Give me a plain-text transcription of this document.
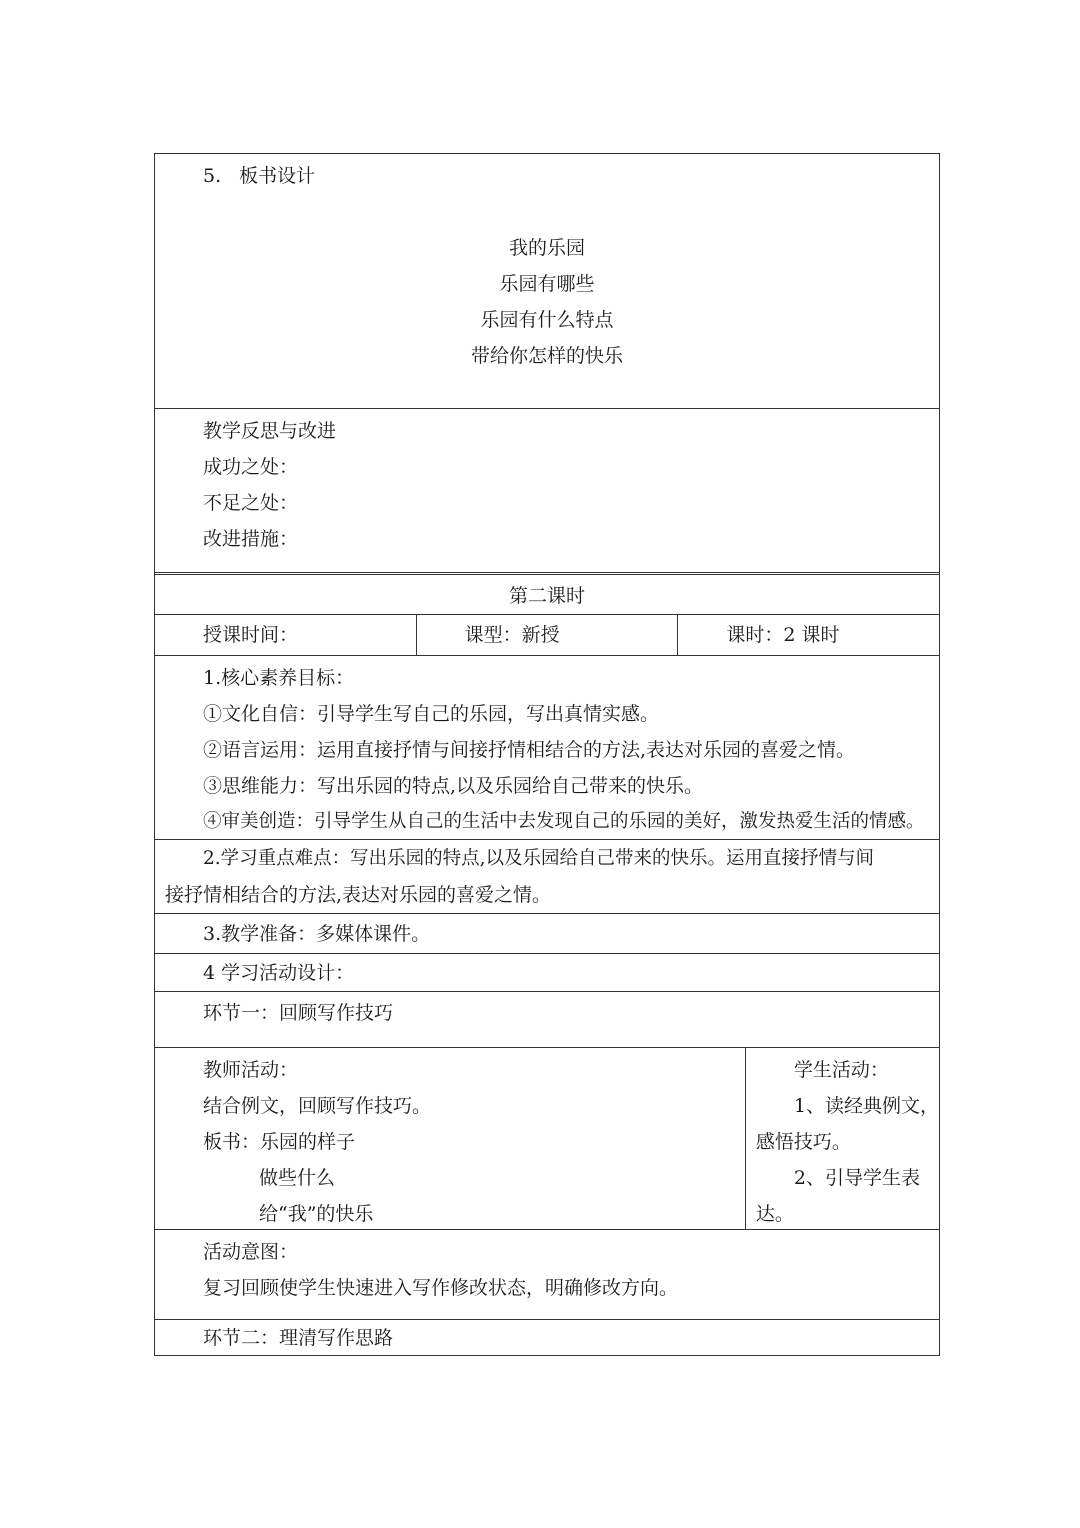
5. 板书设计
我的乐园
乐园有哪些
乐园有什么特点
带给你怎样的快乐
教学反思与改进
成功之处：
不足之处：
改进措施：
第二课时
授课时间：	课型：新授	课时：2 课时
1.核心素养目标：
①文化自信：引导学生写自己的乐园，写出真情实感。
②语言运用：运用直接抒情与间接抒情相结合的方法,表达对乐园的喜爱之情。
③思维能力：写出乐园的特点,以及乐园给自己带来的快乐。
④审美创造：引导学生从自己的生活中去发现自己的乐园的美好，激发热爱生活的情感。
2.学习重点难点：写出乐园的特点,以及乐园给自己带来的快乐。运用直接抒情与间
接抒情相结合的方法,表达对乐园的喜爱之情。
3.教学准备：多媒体课件。
4 学习活动设计：
环节一：回顾写作技巧
教师活动：
结合例文，回顾写作技巧。
板书：乐园的样子
做些什么
给“我”的快乐
学生活动：
1、读经典例文，
感悟技巧。
2、引导学生表
达。
活动意图：
复习回顾使学生快速进入写作修改状态，明确修改方向。
环节二：理清写作思路
